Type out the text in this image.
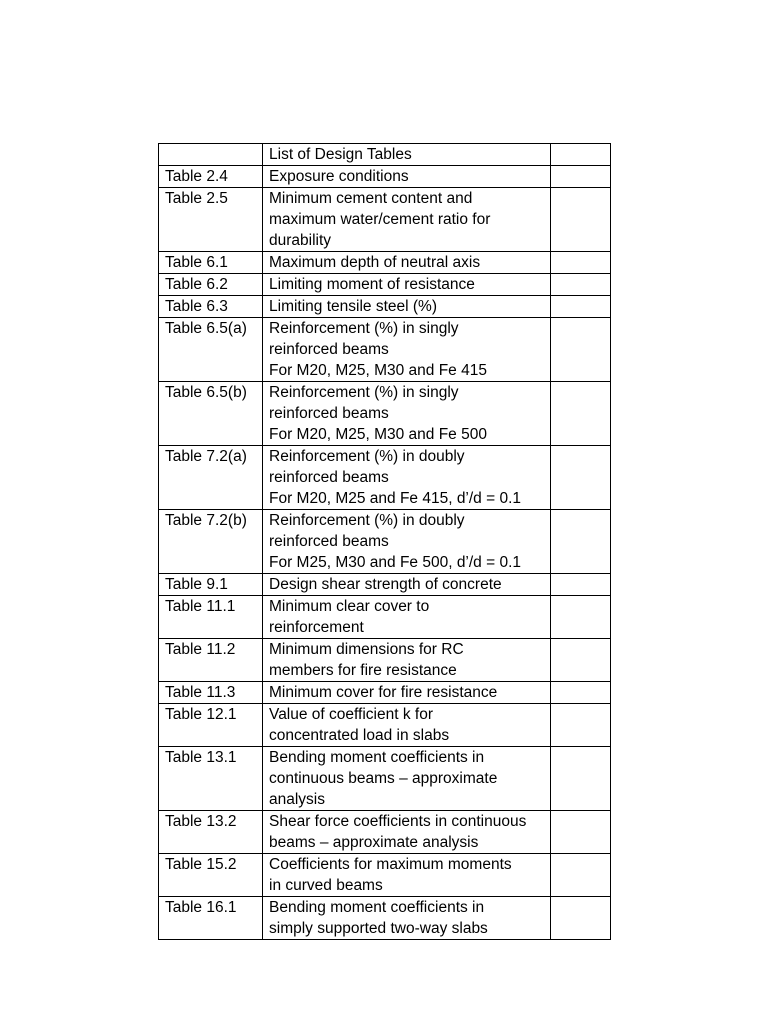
	List of Design Tables	
Table 2.4	Exposure conditions	
Table 2.5	Minimum cement content and
maximum water/cement ratio for
durability	
Table 6.1	Maximum depth of neutral axis	
Table 6.2	Limiting moment of resistance	
Table 6.3	Limiting tensile steel (%)	
Table 6.5(a)	Reinforcement (%) in singly
reinforced beams
For M20, M25, M30 and Fe 415	
Table 6.5(b)	Reinforcement (%) in singly
reinforced beams
For M20, M25, M30 and Fe 500	
Table 7.2(a)	Reinforcement (%) in doubly
reinforced beams
For M20, M25 and Fe 415, d’/d = 0.1	
Table 7.2(b)	Reinforcement (%) in doubly
reinforced beams
For M25, M30 and Fe 500, d’/d = 0.1	
Table 9.1	Design shear strength of concrete	
Table 11.1	Minimum clear cover to
reinforcement	
Table 11.2	Minimum dimensions for RC
members for fire resistance	
Table 11.3	Minimum cover for fire resistance	
Table 12.1	Value of coefficient k for
concentrated load in slabs	
Table 13.1	Bending moment coefficients in
continuous beams – approximate
analysis	
Table 13.2	Shear force coefficients in continuous
beams – approximate analysis	
Table 15.2	Coefficients for maximum moments
in curved beams	
Table 16.1	Bending moment coefficients in
simply supported two-way slabs	
